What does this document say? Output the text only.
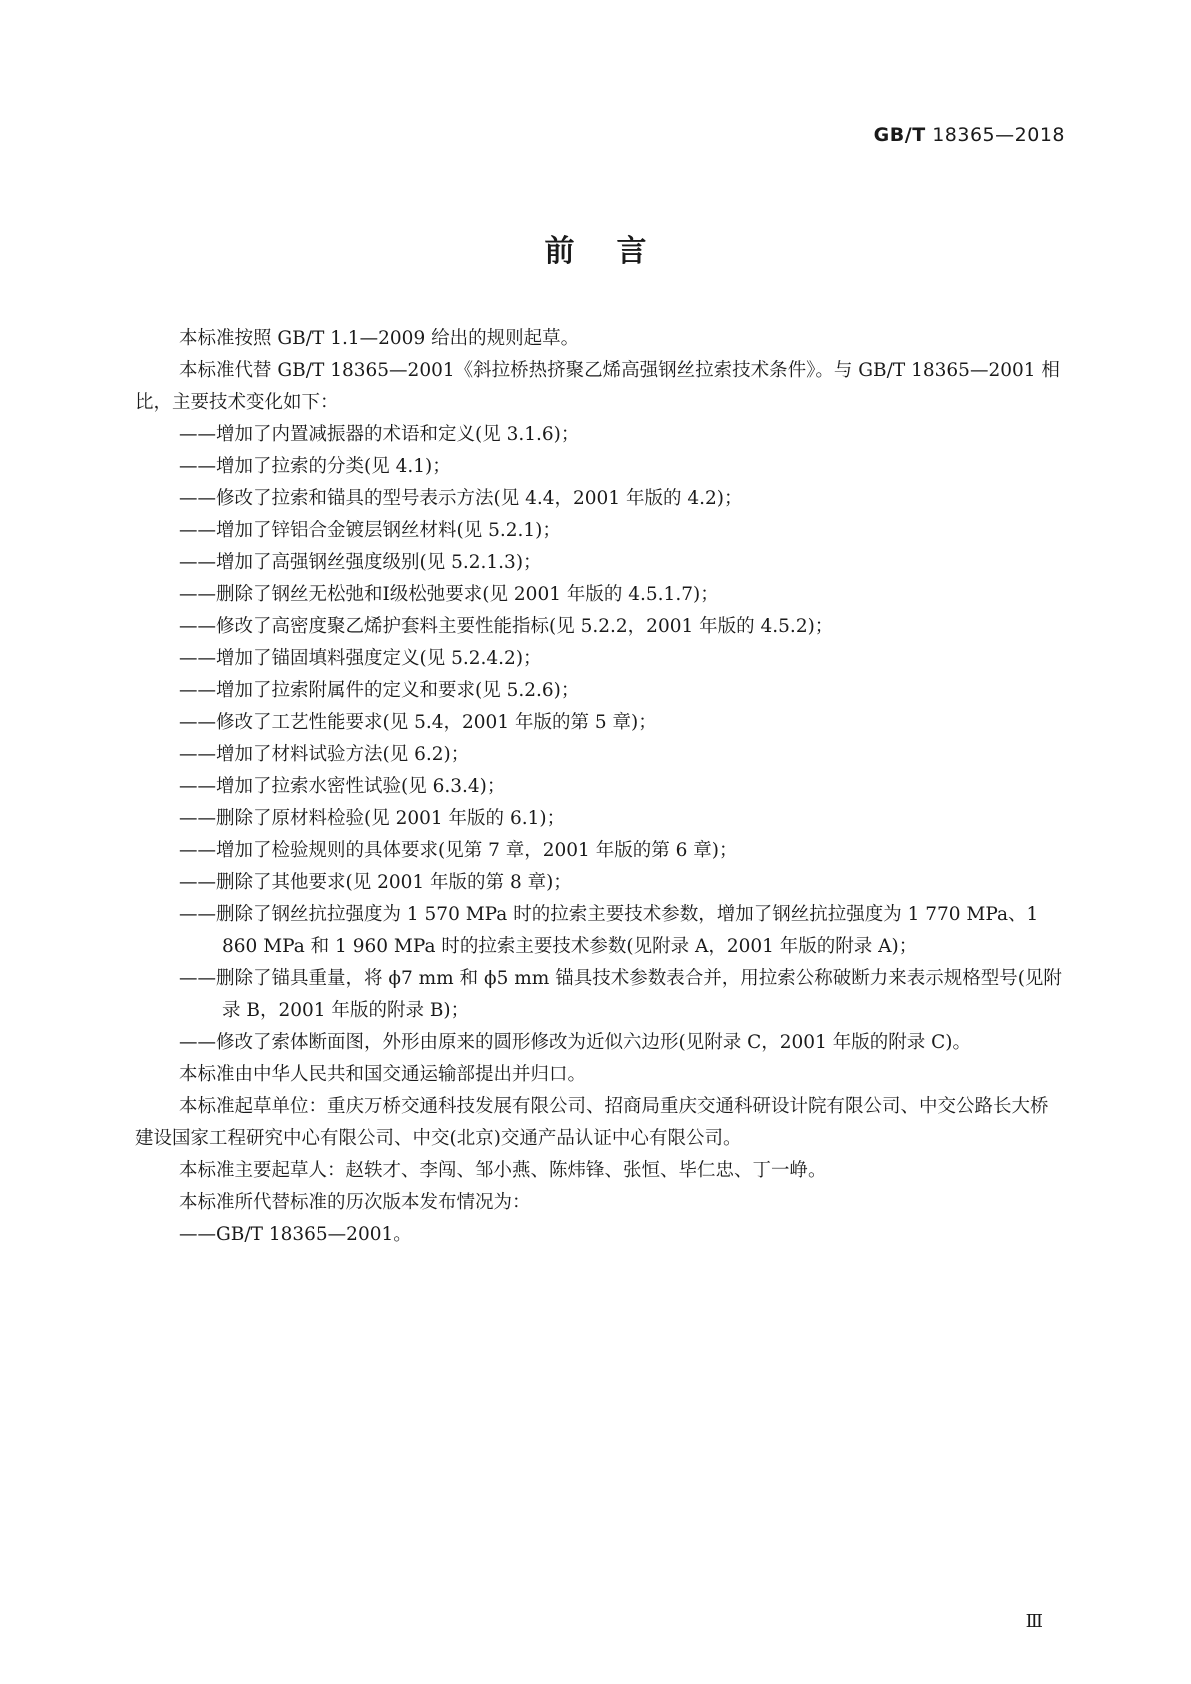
GB/T 18365—2018
前言

本标准按照 GB/T 1.1—2009 给出的规则起草。

本标准代替 GB/T 18365—2001《斜拉桥热挤聚乙烯高强钢丝拉索技术条件》。与 GB/T 18365—2001 相比，主要技术变化如下：

——增加了内置减振器的术语和定义(见 3.1.6)；

——增加了拉索的分类(见 4.1)；

——修改了拉索和锚具的型号表示方法(见 4.4，2001 年版的 4.2)；

——增加了锌铝合金镀层钢丝材料(见 5.2.1)；

——增加了高强钢丝强度级别(见 5.2.1.3)；

——删除了钢丝无松弛和Ⅰ级松弛要求(见 2001 年版的 4.5.1.7)；

——修改了高密度聚乙烯护套料主要性能指标(见 5.2.2，2001 年版的 4.5.2)；

——增加了锚固填料强度定义(见 5.2.4.2)；

——增加了拉索附属件的定义和要求(见 5.2.6)；

——修改了工艺性能要求(见 5.4，2001 年版的第 5 章)；

——增加了材料试验方法(见 6.2)；

——增加了拉索水密性试验(见 6.3.4)；

——删除了原材料检验(见 2001 年版的 6.1)；

——增加了检验规则的具体要求(见第 7 章，2001 年版的第 6 章)；

——删除了其他要求(见 2001 年版的第 8 章)；

——删除了钢丝抗拉强度为 1 570 MPa 时的拉索主要技术参数，增加了钢丝抗拉强度为 1 770 MPa、1 860 MPa 和 1 960 MPa 时的拉索主要技术参数(见附录 A，2001 年版的附录 A)；

——删除了锚具重量，将 ϕ7 mm 和 ϕ5 mm 锚具技术参数表合并，用拉索公称破断力来表示规格型号(见附录 B，2001 年版的附录 B)；

——修改了索体断面图，外形由原来的圆形修改为近似六边形(见附录 C，2001 年版的附录 C)。

本标准由中华人民共和国交通运输部提出并归口。

本标准起草单位：重庆万桥交通科技发展有限公司、招商局重庆交通科研设计院有限公司、中交公路长大桥建设国家工程研究中心有限公司、中交(北京)交通产品认证中心有限公司。

本标准主要起草人：赵轶才、李闯、邹小燕、陈炜锋、张恒、毕仁忠、丁一峥。

本标准所代替标准的历次版本发布情况为：

——GB/T 18365—2001。

Ⅲ
